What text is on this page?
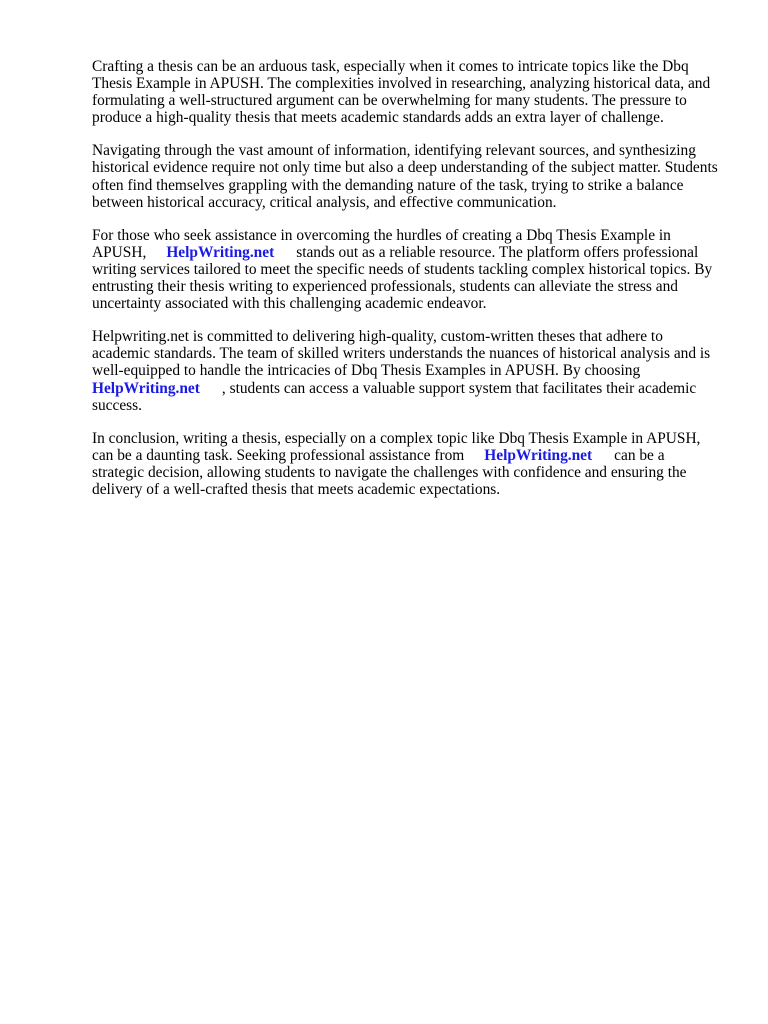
Crafting a thesis can be an arduous task, especially when it comes to intricate topics like the Dbq Thesis Example in APUSH. The complexities involved in researching, analyzing historical data, and formulating a well-structured argument can be overwhelming for many students. The pressure to produce a high-quality thesis that meets academic standards adds an extra layer of challenge.

Navigating through the vast amount of information, identifying relevant sources, and synthesizing historical evidence require not only time but also a deep understanding of the subject matter. Students often find themselves grappling with the demanding nature of the task, trying to strike a balance between historical accuracy, critical analysis, and effective communication.

For those who seek assistance in overcoming the hurdles of creating a Dbq Thesis Example in APUSH, HelpWriting.net stands out as a reliable resource. The platform offers professional writing services tailored to meet the specific needs of students tackling complex historical topics. By entrusting their thesis writing to experienced professionals, students can alleviate the stress and uncertainty associated with this challenging academic endeavor.

Helpwriting.net is committed to delivering high-quality, custom-written theses that adhere to academic standards. The team of skilled writers understands the nuances of historical analysis and is well-equipped to handle the intricacies of Dbq Thesis Examples in APUSH. By choosing HelpWriting.net , students can access a valuable support system that facilitates their academic success.

In conclusion, writing a thesis, especially on a complex topic like Dbq Thesis Example in APUSH, can be a daunting task. Seeking professional assistance from HelpWriting.net can be a strategic decision, allowing students to navigate the challenges with confidence and ensuring the delivery of a well-crafted thesis that meets academic expectations.
